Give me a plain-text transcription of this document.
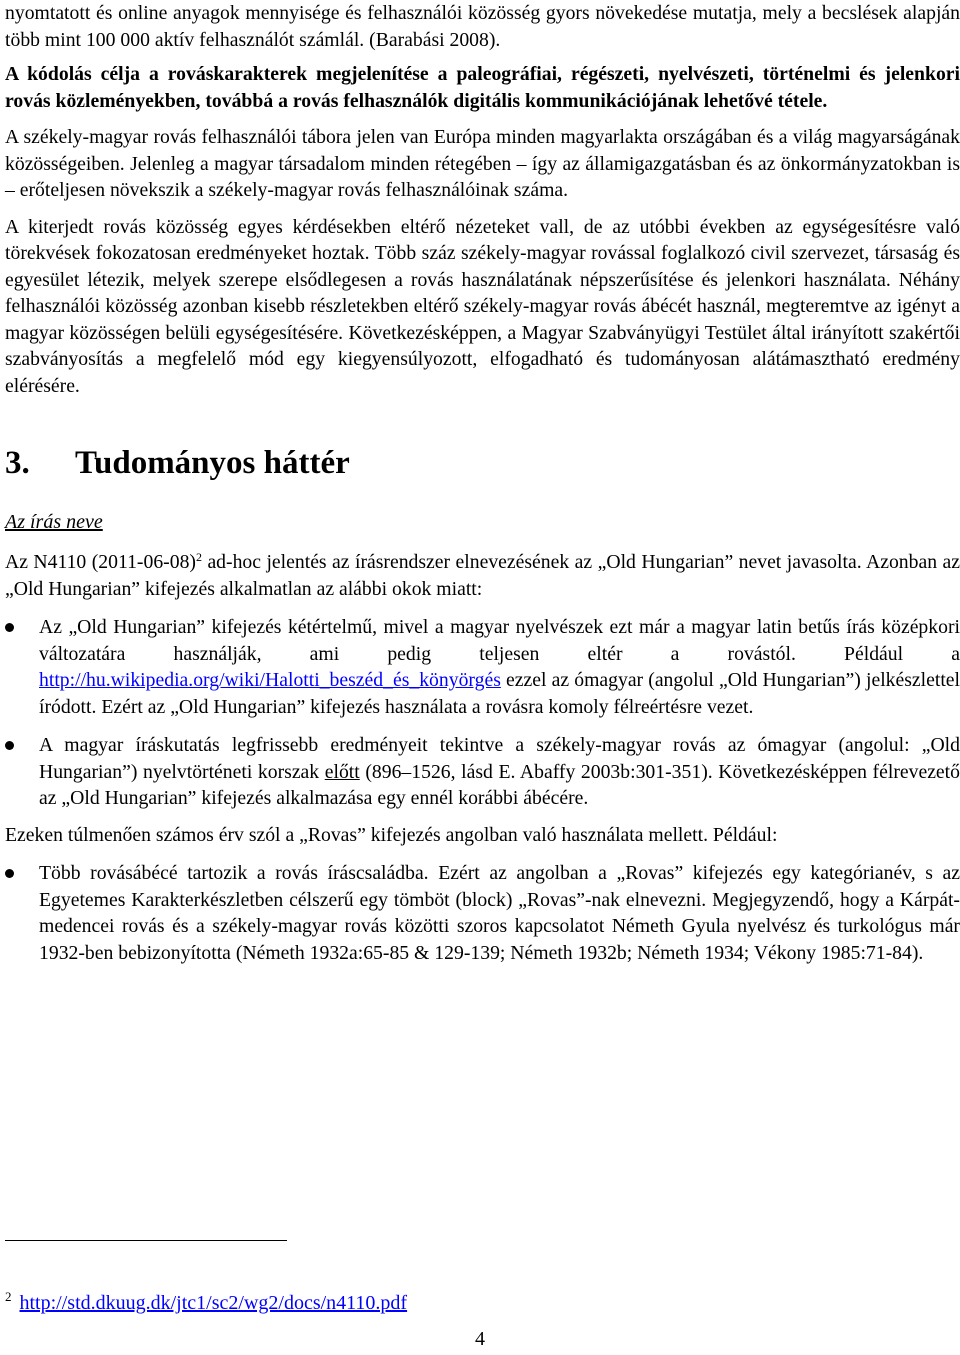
nyomtatott és online anyagok mennyisége és felhasználói közösség gyors növekedése mutatja, mely a becslések alapján több mint 100 000 aktív felhasználót számlál. (Barabási 2008).

A kódolás célja a rováskarakterek megjelenítése a paleográfiai, régészeti, nyelvészeti, történelmi és jelenkori rovás közleményekben, továbbá a rovás felhasználók digitális kommunikációjának lehetővé tétele.

A székely-magyar rovás felhasználói tábora jelen van Európa minden magyarlakta országában és a világ magyarságának közösségeiben. Jelenleg a magyar társadalom minden rétegében – így az államigazgatásban és az önkormányzatokban is – erőteljesen növekszik a székely-magyar rovás felhasználóinak száma.

A kiterjedt rovás közösség egyes kérdésekben eltérő nézeteket vall, de az utóbbi években az egységesítésre való törekvések fokozatosan eredményeket hoztak. Több száz székely-magyar rovással foglalkozó civil szervezet, társaság és egyesület létezik, melyek szerepe elsődlegesen a rovás használatának népszerűsítése és jelenkori használata. Néhány felhasználói közösség azonban kisebb részletekben eltérő székely-magyar rovás ábécét használ, megteremtve az igényt a magyar közösségen belüli egységesítésére. Következésképpen, a Magyar Szabványügyi Testület által irányított szakértői szabványosítás a megfelelő mód egy kiegyensúlyozott, elfogadható és tudományosan alátámasztható eredmény elérésére.

3. Tudományos háttér
Az írás neve

Az N4110 $(2011-06-08)^2$ ad-hoc jelentés az írásrendszer elnevezésének az „Old Hungarian” nevet javasolta. Azonban az „Old Hungarian” kifejezés alkalmatlan az alábbi okok miatt:

Az „Old Hungarian” kifejezés kétértelmű, mivel a magyar nyelvészek ezt már a magyar latin betűs írás középkori változatára használják, ami pedig teljesen eltér a rovástól. Például a http://hu.wikipedia.org/wiki/Halotti_beszéd_és_könyörgés ezzel az ómagyar (angolul „Old Hungarian”) jelkészlettel íródott. Ezért az „Old Hungarian” kifejezés használata a rovásra komoly félreértésre vezet.
A magyar íráskutatás legfrissebb eredményeit tekintve a székely-magyar rovás az ómagyar (angolul: „Old Hungarian”) nyelvtörténeti korszak előtt (896–1526, lásd E. Abaffy 2003b:301-351). Következésképpen félrevezető az „Old Hungarian” kifejezés alkalmazása egy ennél korábbi ábécére.

Ezeken túlmenően számos érv szól a „Rovas” kifejezés angolban való használata mellett. Például:

Több rovásábécé tartozik a rovás íráscsaládba. Ezért az angolban a „Rovas” kifejezés egy kategórianév, s az Egyetemes Karakterkészletben célszerű egy tömböt (block) „Rovas”-nak elnevezni. Megjegyzendő, hogy a Kárpát-medencei rovás és a székely-magyar rovás közötti szoros kapcsolatot Németh Gyula nyelvész és turkológus már 1932-ben bebizonyította (Németh 1932a:65-85 & 129-139; Németh 1932b; Németh 1934; Vékony 1985:71-84).
$^2$ http://std.dkuug.dk/jtc1/sc2/wg2/docs/n4110.pdf
4
